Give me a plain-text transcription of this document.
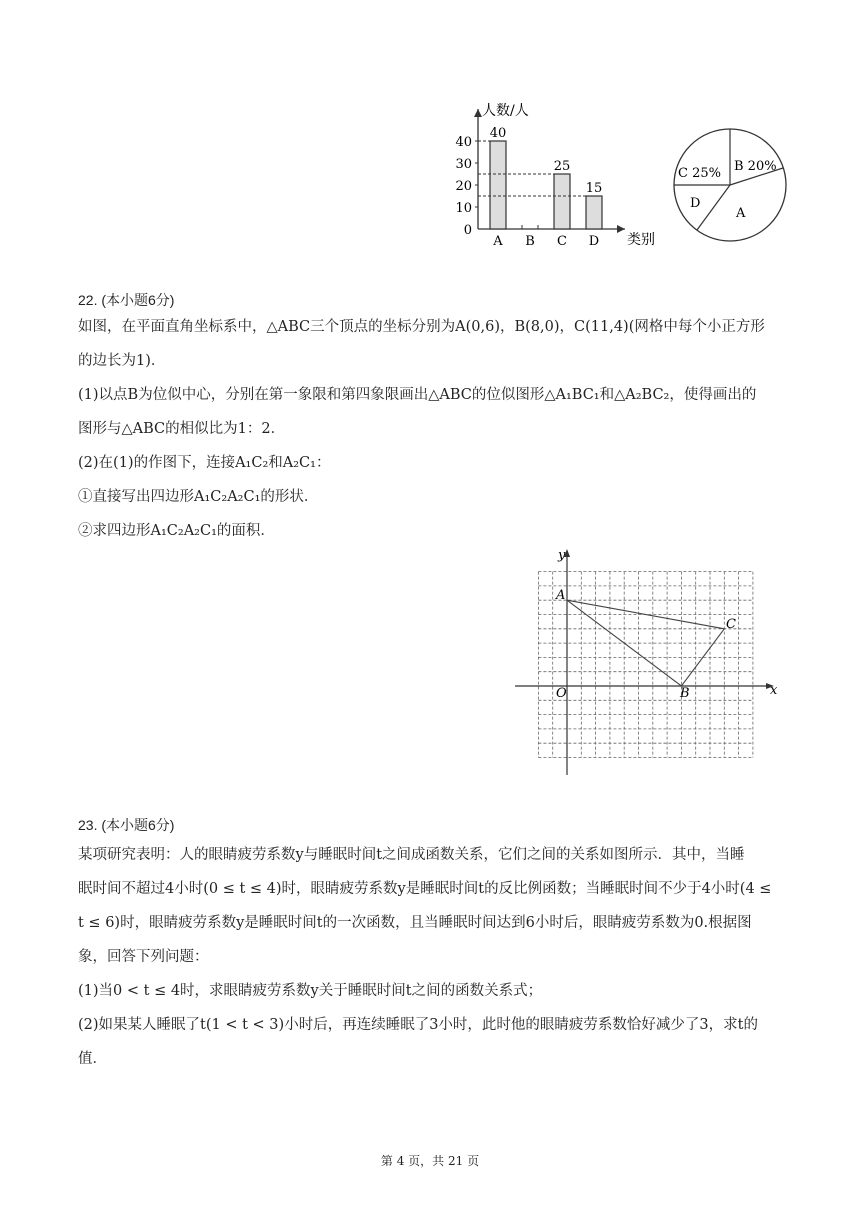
人数/人
类别
0
10
20
30
40
40
A B
25
C
15
D
C 25% B 20%
D
A
22. (本小题6分)

如图，在平面直角坐标系中，△ABC三个顶点的坐标分别为A(0,6)，B(8,0)，C(11,4)(网格中每个小正方形

的边长为1)．

(1)以点B为位似中心，分别在第一象限和第四象限画出△ABC的位似图形△A₁BC₁和△A₂BC₂，使得画出的

图形与△ABC的相似比为1：2．

(2)在(1)的作图下，连接A₁C₂和A₂C₁：

①直接写出四边形A₁C₂A₂C₁的形状．

②求四边形A₁C₂A₂C₁的面积．

y
x
O
A
B
C
23. (本小题6分)

某项研究表明：人的眼睛疲劳系数y与睡眠时间t之间成函数关系，它们之间的关系如图所示．其中，当睡

眠时间不超过4小时(0 ≤ t ≤ 4)时，眼睛疲劳系数y是睡眠时间t的反比例函数；当睡眠时间不少于4小时(4 ≤

t ≤ 6)时，眼睛疲劳系数y是睡眠时间t的一次函数，且当睡眠时间达到6小时后，眼睛疲劳系数为0.根据图

象，回答下列问题：

(1)当0 < t ≤ 4时，求眼睛疲劳系数y关于睡眠时间t之间的函数关系式；

(2)如果某人睡眠了t(1 < t < 3)小时后，再连续睡眠了3小时，此时他的眼睛疲劳系数恰好减少了3，求t的

值．

第 4 页，共 21 页
